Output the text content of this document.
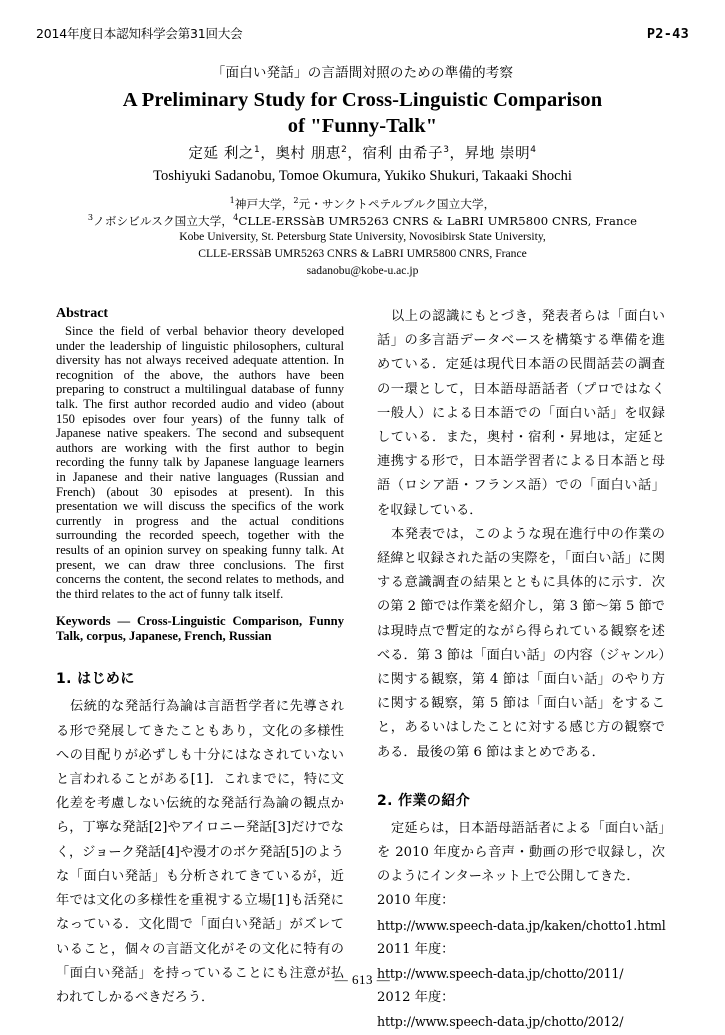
2014年度日本認知科学会第31回大会	P2-43
「面白い発話」の言語間対照のための準備的考察
A Preliminary Study for Cross-Linguistic Comparison
of "Funny-Talk"
定延 利之$^1$，奥村 朋恵$^2$，宿利 由希子$^3$，昇地 崇明$^4$
Toshiyuki Sadanobu, Tomoe Okumura, Yukiko Shukuri, Takaaki Shochi
$^1$神戸大学，$^2$元・サンクトペテルブルク国立大学，
$^3$ノボシビルスク国立大学，$^4$CLLE-ERSSàB UMR5263 CNRS & LaBRI UMR5800 CNRS, France
Kobe University, St. Petersburg State University, Novosibirsk State University,
CLLE-ERSSàB UMR5263 CNRS & LaBRI UMR5800 CNRS, France
sadanobu@kobe-u.ac.jp
Abstract

Since the field of verbal behavior theory developed under the leadership of linguistic philosophers, cultural diversity has not always received adequate attention. In recognition of the above, the authors have been preparing to construct a multilingual database of funny talk. The first author recorded audio and video (about 150 episodes over four years) of the funny talk of Japanese native speakers. The second and subsequent authors are working with the first author to begin recording the funny talk by Japanese language learners in Japanese and their native languages (Russian and French) (about 30 episodes at present). In this presentation we will discuss the specifics of the work currently in progress and the actual conditions surrounding the recorded speech, together with the results of an opinion survey on speaking funny talk. At present, we can draw three conclusions. The first concerns the content, the second relates to methods, and the third relates to the act of funny talk itself.

Keywords — Cross-Linguistic Comparison, Funny Talk, corpus, Japanese, French, Russian

1. はじめに

伝統的な発話行為論は言語哲学者に先導される形で発展してきたこともあり，文化の多様性への目配りが必ずしも十分にはなされていないと言われることがある[1]．これまでに，特に文化差を考慮しない伝統的な発話行為論の観点から，丁寧な発話[2]やアイロニー発話[3]だけでなく，ジョーク発話[4]や漫才のボケ発話[5]のような「面白い発話」も分析されてきているが，近年では文化の多様性を重視する立場[1]も活発になっている．文化間で「面白い発話」がズレていること，個々の言語文化がその文化に特有の「面白い発話」を持っていることにも注意が払われてしかるべきだろう．

以上の認識にもとづき，発表者らは「面白い話」の多言語データベースを構築する準備を進めている．定延は現代日本語の民間話芸の調査の一環として，日本語母語話者（プロではなく一般人）による日本語での「面白い話」を収録している．また，奥村・宿利・昇地は，定延と連携する形で，日本語学習者による日本語と母語（ロシア語・フランス語）での「面白い話」を収録している．

本発表では，このような現在進行中の作業の経緯と収録された話の実際を，「面白い話」に関する意識調査の結果とともに具体的に示す．次の第 2 節では作業を紹介し，第 3 節〜第 5 節では現時点で暫定的ながら得られている観察を述べる．第 3 節は「面白い話」の内容（ジャンル）に関する観察，第 4 節は「面白い話」のやり方に関する観察，第 5 節は「面白い話」をすること，あるいはしたことに対する感じ方の観察である．最後の第 6 節はまとめである．

2. 作業の紹介

定延らは，日本語母語話者による「面白い話」を 2010 年度から音声・動画の形で収録し，次のようにインターネット上で公開してきた．

2010 年度：
http://www.speech-data.jp/kaken/chotto1.html
2011 年度：
http://www.speech-data.jp/chotto/2011/
2012 年度：
http://www.speech-data.jp/chotto/2012/
— 613 —
